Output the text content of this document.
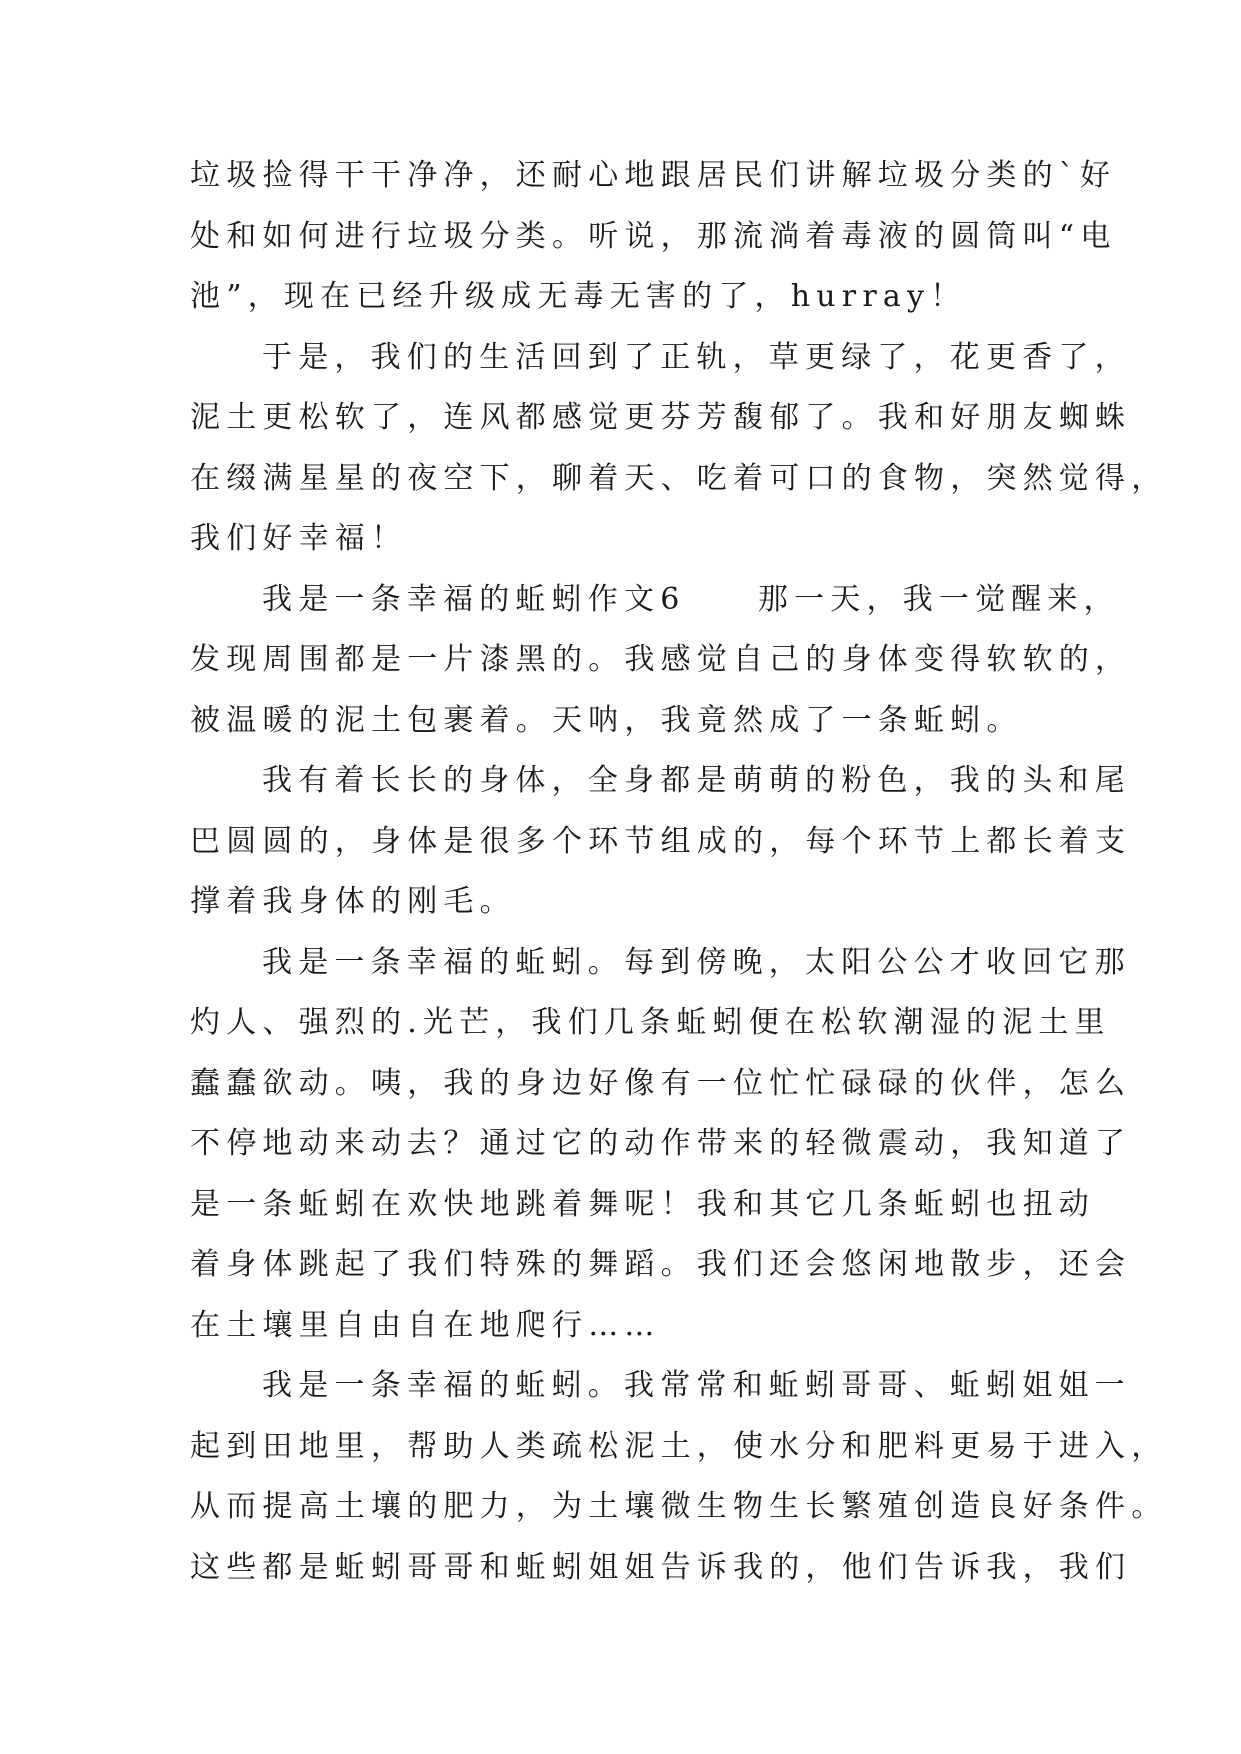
垃圾捡得干干净净，还耐心地跟居民们讲解垃圾分类的`好
处和如何进行垃圾分类。听说，那流淌着毒液的圆筒叫“电
池”，现在已经升级成无毒无害的了，hurray！
于是，我们的生活回到了正轨，草更绿了，花更香了，
泥土更松软了，连风都感觉更芬芳馥郁了。我和好朋友蜘蛛
在缀满星星的夜空下，聊着天、吃着可口的食物，突然觉得，
我们好幸福！
我是一条幸福的蚯蚓作文6　　那一天，我一觉醒来，
发现周围都是一片漆黑的。我感觉自己的身体变得软软的，
被温暖的泥土包裹着。天呐，我竟然成了一条蚯蚓。
我有着长长的身体，全身都是萌萌的粉色，我的头和尾
巴圆圆的，身体是很多个环节组成的，每个环节上都长着支
撑着我身体的刚毛。
我是一条幸福的蚯蚓。每到傍晚，太阳公公才收回它那
灼人、强烈的.光芒，我们几条蚯蚓便在松软潮湿的泥土里
蠢蠢欲动。咦，我的身边好像有一位忙忙碌碌的伙伴，怎么
不停地动来动去？通过它的动作带来的轻微震动，我知道了
是一条蚯蚓在欢快地跳着舞呢！我和其它几条蚯蚓也扭动
着身体跳起了我们特殊的舞蹈。我们还会悠闲地散步，还会
在土壤里自由自在地爬行……
我是一条幸福的蚯蚓。我常常和蚯蚓哥哥、蚯蚓姐姐一
起到田地里，帮助人类疏松泥土，使水分和肥料更易于进入，
从而提高土壤的肥力，为土壤微生物生长繁殖创造良好条件。
这些都是蚯蚓哥哥和蚯蚓姐姐告诉我的，他们告诉我，我们
